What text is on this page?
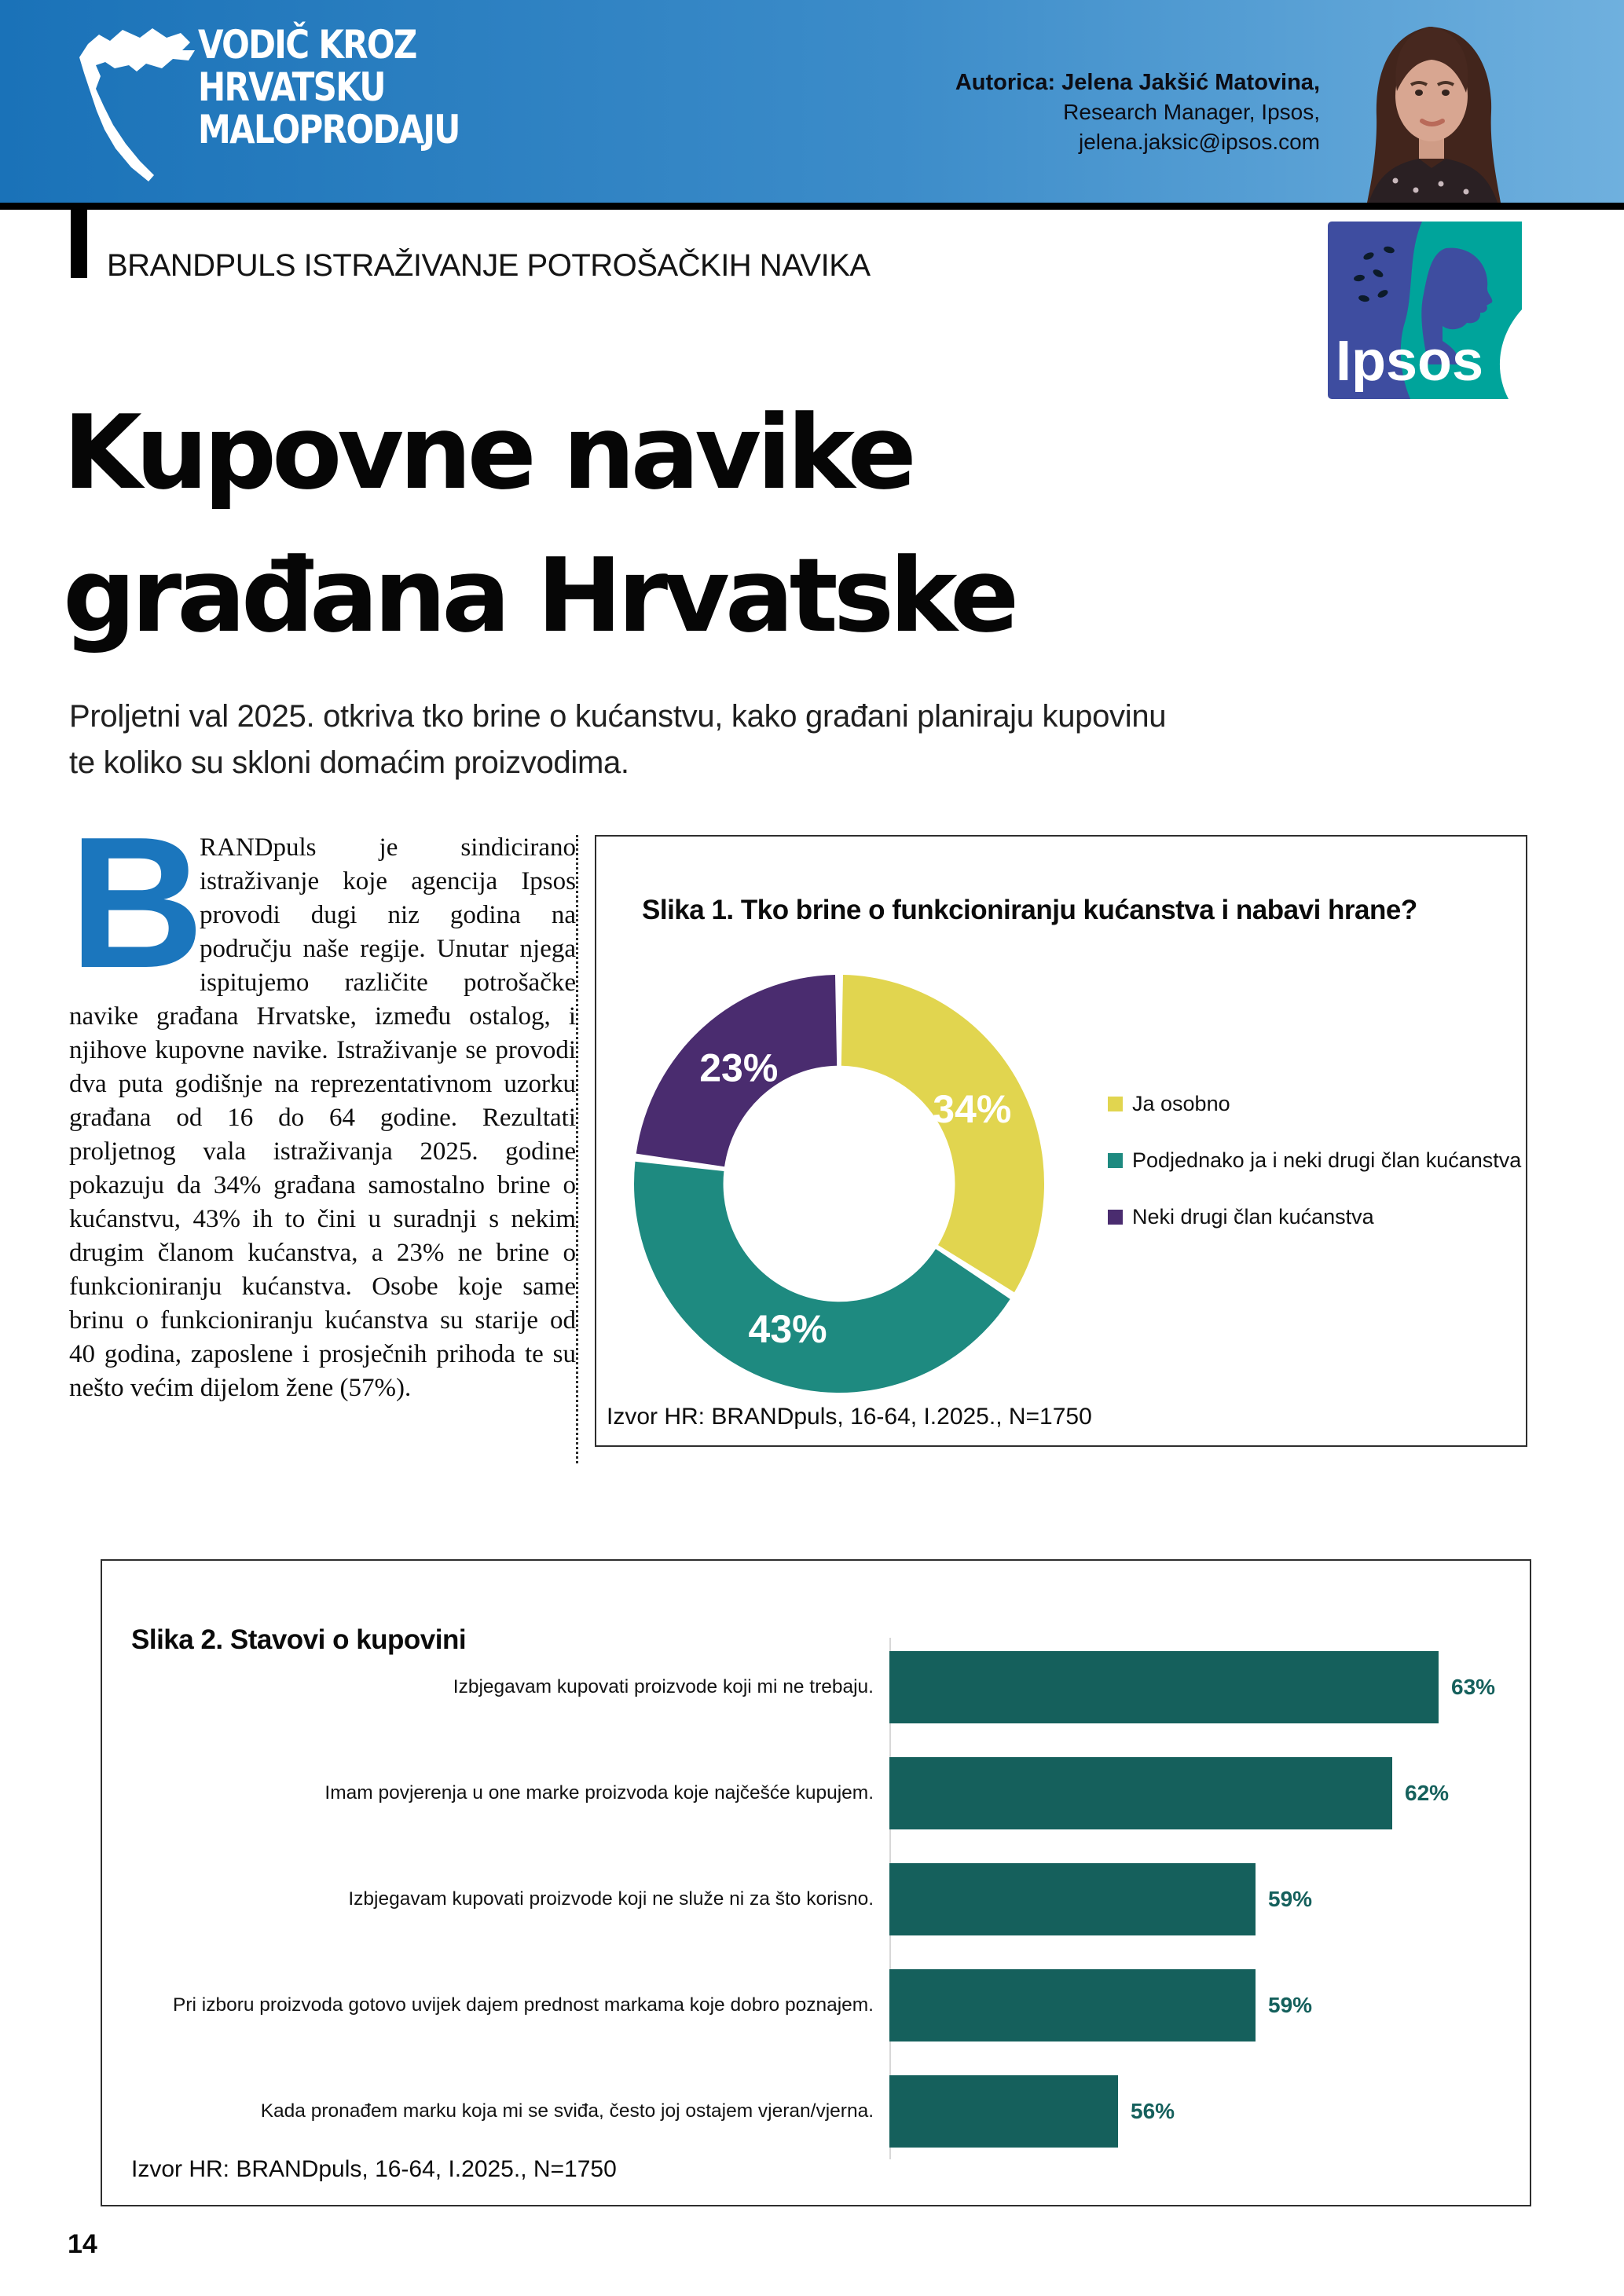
VODIČ KROZ
HRVATSKU
MALOPRODAJU
Autorica: Jelena Jakšić Matovina,
Research Manager, Ipsos,
jelena.jaksic@ipsos.com
BRANDPULS ISTRAŽIVANJE POTROŠAČKIH NAVIKA
Ipsos
Kupovne navike
građana Hrvatske

Proljetni val 2025. otkriva tko brine o kućanstvu, kako građani planiraju kupovinu te koliko su skloni domaćim proizvodima.

B RANDpuls je sindicirano istraživanje koje agencija Ipsos provodi dugi niz godina na području naše regije. Unutar njega ispitujemo različite potrošačke navike građana Hrvatske, između ostalog, i njihove kupovne navike. Istraživanje se provodi dva puta godišnje na reprezentativnom uzorku građana od 16 do 64 godine. Rezultati proljetnog vala istraživanja 2025. godine pokazuju da 34% građana samostalno brine o kućanstvu, 43% ih to čini u suradnji s nekim drugim članom kućanstva, a 23% ne brine o funkcioniranju kućanstva. Osobe koje same brinu o funkcioniranju kućanstva su starije od 40 godina, zaposlene i prosječnih prihoda te su nešto većim dijelom žene (57%).
Slika 1. Tko brine o funkcioniranju kućanstva i nabavi hrane?
34%
43%
23%
Ja osobno
Podjednako ja i neki drugi član kućanstva
Neki drugi član kućanstva
Izvor HR: BRANDpuls, 16-64, I.2025., N=1750
Slika 2. Stavovi o kupovini
Izbjegavam kupovati proizvode koji mi ne trebaju.	63%
Imam povjerenja u one marke proizvoda koje najčešće kupujem.	62%
Izbjegavam kupovati proizvode koji ne služe ni za što korisno.	59%
Pri izboru proizvoda gotovo uvijek dajem prednost markama koje dobro poznajem.	59%
Kada pronađem marku koja mi se sviđa, često joj ostajem vjeran/vjerna.	56%
Izvor HR: BRANDpuls, 16-64, I.2025., N=1750
14
